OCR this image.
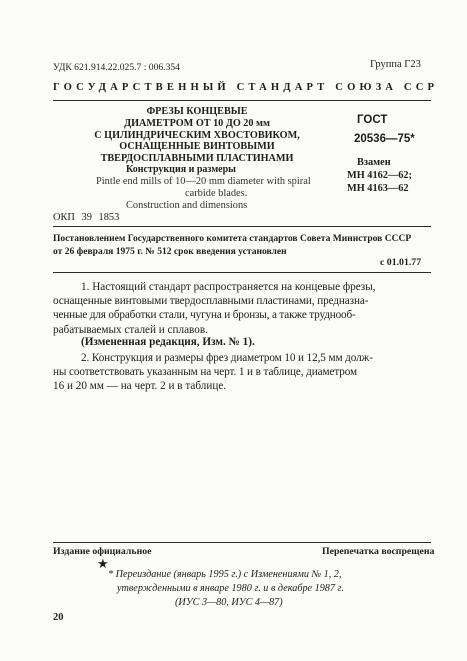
УДК 621.914.22.025.7 : 006.354	Группа Г23
ГОСУДАРСТВЕННЫЙ СТАНДАРТ СОЮЗА ССР
ФРЕЗЫ КОНЦЕВЫЕ
ДИАМЕТРОМ ОТ 10 ДО 20 мм
С ЦИЛИНДРИЧЕСКИМ ХВОСТОВИКОМ,
ОСНАЩЕННЫЕ ВИНТОВЫМИ
ТВЕРДОСПЛАВНЫМИ ПЛАСТИНАМИ
Конструкция и размеры
Pintle end mills of 10—20 mm diameter with spiral
carbide blades.
Construction and dimensions
ОКП 39 1853
ГОСТ
20536—75*
Взамен
МН 4162—62;
МН 4163—62
Постановлением Государственного комитета стандартов Совета Министров СССР
от 26 февраля 1975 г. № 512 срок введения установлен
с 01.01.77
1. Настоящий стандарт распространяется на концевые фрезы,
оснащенные винтовыми твердосплавными пластинами, предназна-
ченные для обработки стали, чугуна и бронзы, а также труднооб-
рабатываемых сталей и сплавов.
(Измененная редакция, Изм. № 1).
2. Конструкция и размеры фрез диаметром 10 и 12,5 мм долж-
ны соответствовать указанным на черт. 1 и в таблице, диаметром
16 и 20 мм — на черт. 2 и в таблице.
Издание официальное	Перепечатка воспрещена
★
* Переиздание (январь 1995 г.) с Изменениями № 1, 2,
утвержденными в январе 1980 г. и в декабре 1987 г.
(ИУС 3—80, ИУС 4—87)
20
